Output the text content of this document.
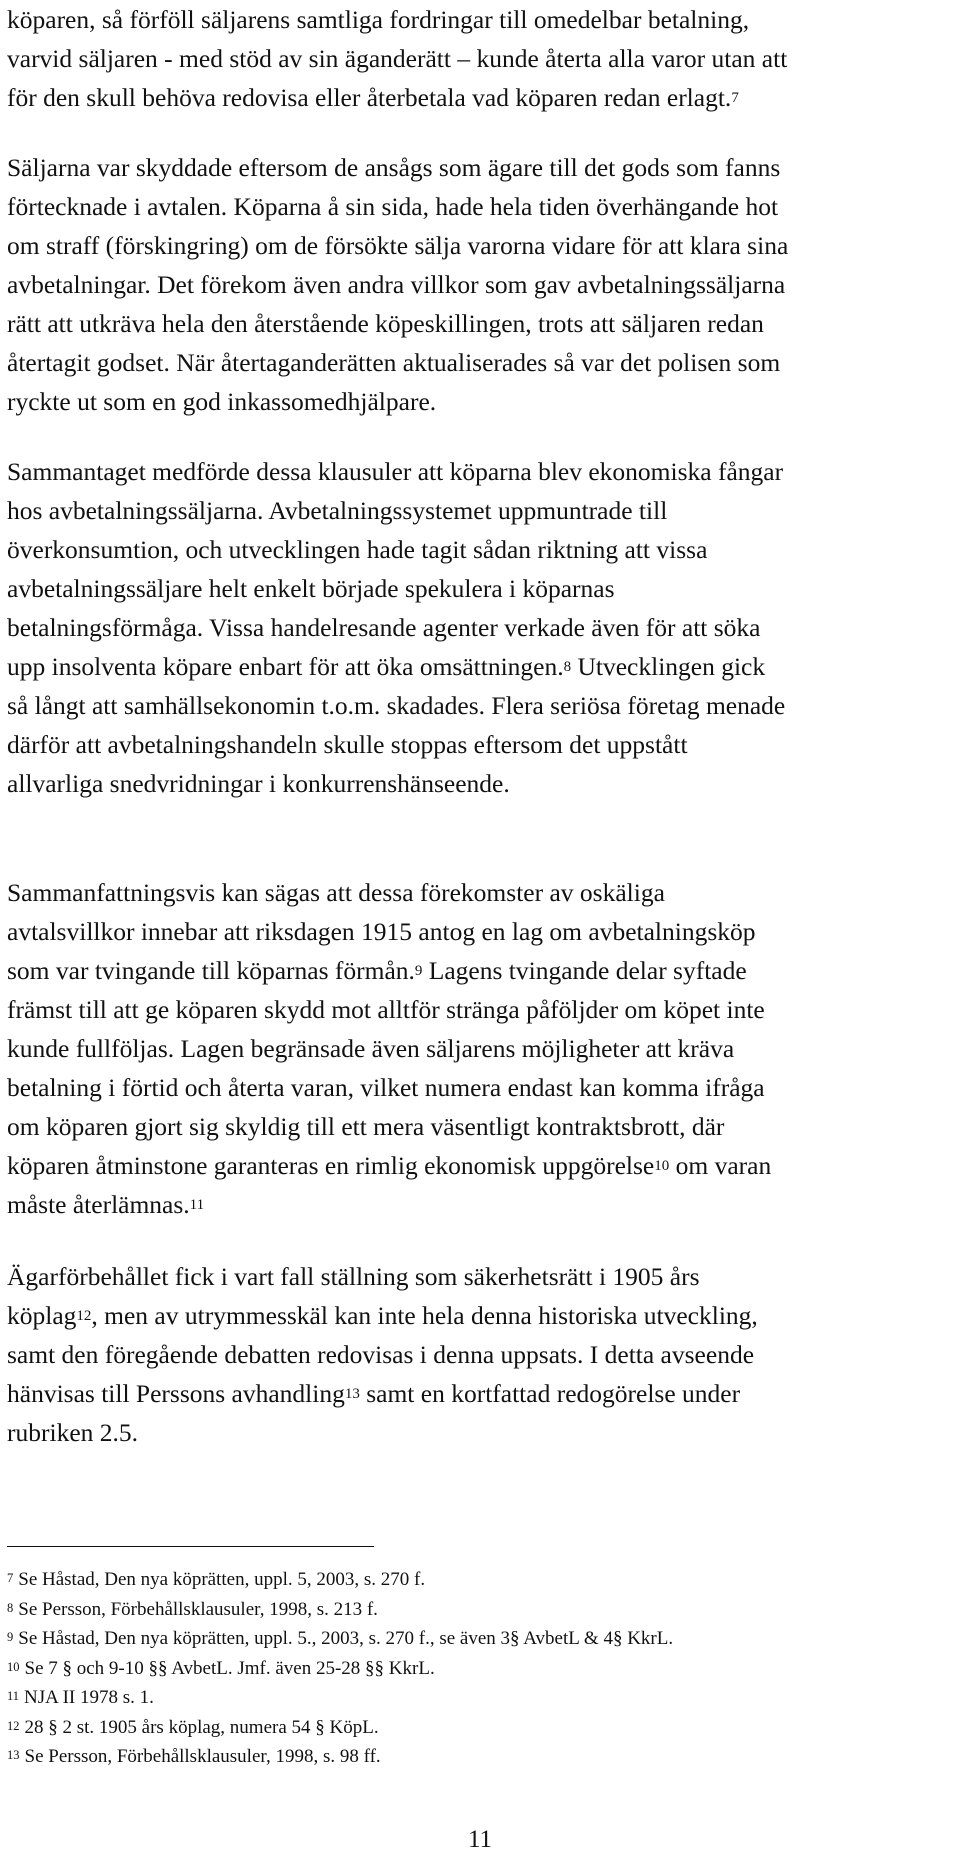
köparen, så förföll säljarens samtliga fordringar till omedelbar betalning,
varvid säljaren - med stöd av sin äganderätt – kunde återta alla varor utan att
för den skull behöva redovisa eller återbetala vad köparen redan erlagt.$^7$
Säljarna var skyddade eftersom de ansågs som ägare till det gods som fanns
förtecknade i avtalen. Köparna å sin sida, hade hela tiden överhängande hot
om straff (förskingring) om de försökte sälja varorna vidare för att klara sina
avbetalningar. Det förekom även andra villkor som gav avbetalningssäljarna
rätt att utkräva hela den återstående köpeskillingen, trots att säljaren redan
återtagit godset. När återtaganderätten aktualiserades så var det polisen som
ryckte ut som en god inkassomedhjälpare.
Sammantaget medförde dessa klausuler att köparna blev ekonomiska fångar
hos avbetalningssäljarna. Avbetalningssystemet uppmuntrade till
överkonsumtion, och utvecklingen hade tagit sådan riktning att vissa
avbetalningssäljare helt enkelt började spekulera i köparnas
betalningsförmåga. Vissa handelresande agenter verkade även för att söka
upp insolventa köpare enbart för att öka omsättningen.$^8$ Utvecklingen gick
så långt att samhällsekonomin t.o.m. skadades. Flera seriösa företag menade
därför att avbetalningshandeln skulle stoppas eftersom det uppstått
allvarliga snedvridningar i konkurrenshänseende.
Sammanfattningsvis kan sägas att dessa förekomster av oskäliga
avtalsvillkor innebar att riksdagen 1915 antog en lag om avbetalningsköp
som var tvingande till köparnas förmån.$^9$ Lagens tvingande delar syftade
främst till att ge köparen skydd mot alltför stränga påföljder om köpet inte
kunde fullföljas. Lagen begränsade även säljarens möjligheter att kräva
betalning i förtid och återta varan, vilket numera endast kan komma ifråga
om köparen gjort sig skyldig till ett mera väsentligt kontraktsbrott, där
köparen åtminstone garanteras en rimlig ekonomisk uppgörelse$^{10}$ om varan
måste återlämnas.$^{11}$
Ägarförbehållet fick i vart fall ställning som säkerhetsrätt i 1905 års
köplag$^{12}$, men av utrymmesskäl kan inte hela denna historiska utveckling,
samt den föregående debatten redovisas i denna uppsats. I detta avseende
hänvisas till Perssons avhandling$^{13}$ samt en kortfattad redogörelse under
rubriken 2.5.
$^7$ Se Håstad, Den nya köprätten, uppl. 5, 2003, s. 270 f.
$^8$ Se Persson, Förbehållsklausuler, 1998, s. 213 f.
$^9$ Se Håstad, Den nya köprätten, uppl. 5., 2003, s. 270 f., se även 3§ AvbetL & 4§ KkrL.
$^{10}$ Se 7 § och 9-10 §§ AvbetL. Jmf. även 25-28 §§ KkrL.
$^{11}$ NJA II 1978 s. 1.
$^{12}$ 28 § 2 st. 1905 års köplag, numera 54 § KöpL.
$^{13}$ Se Persson, Förbehållsklausuler, 1998, s. 98 ff.
11
